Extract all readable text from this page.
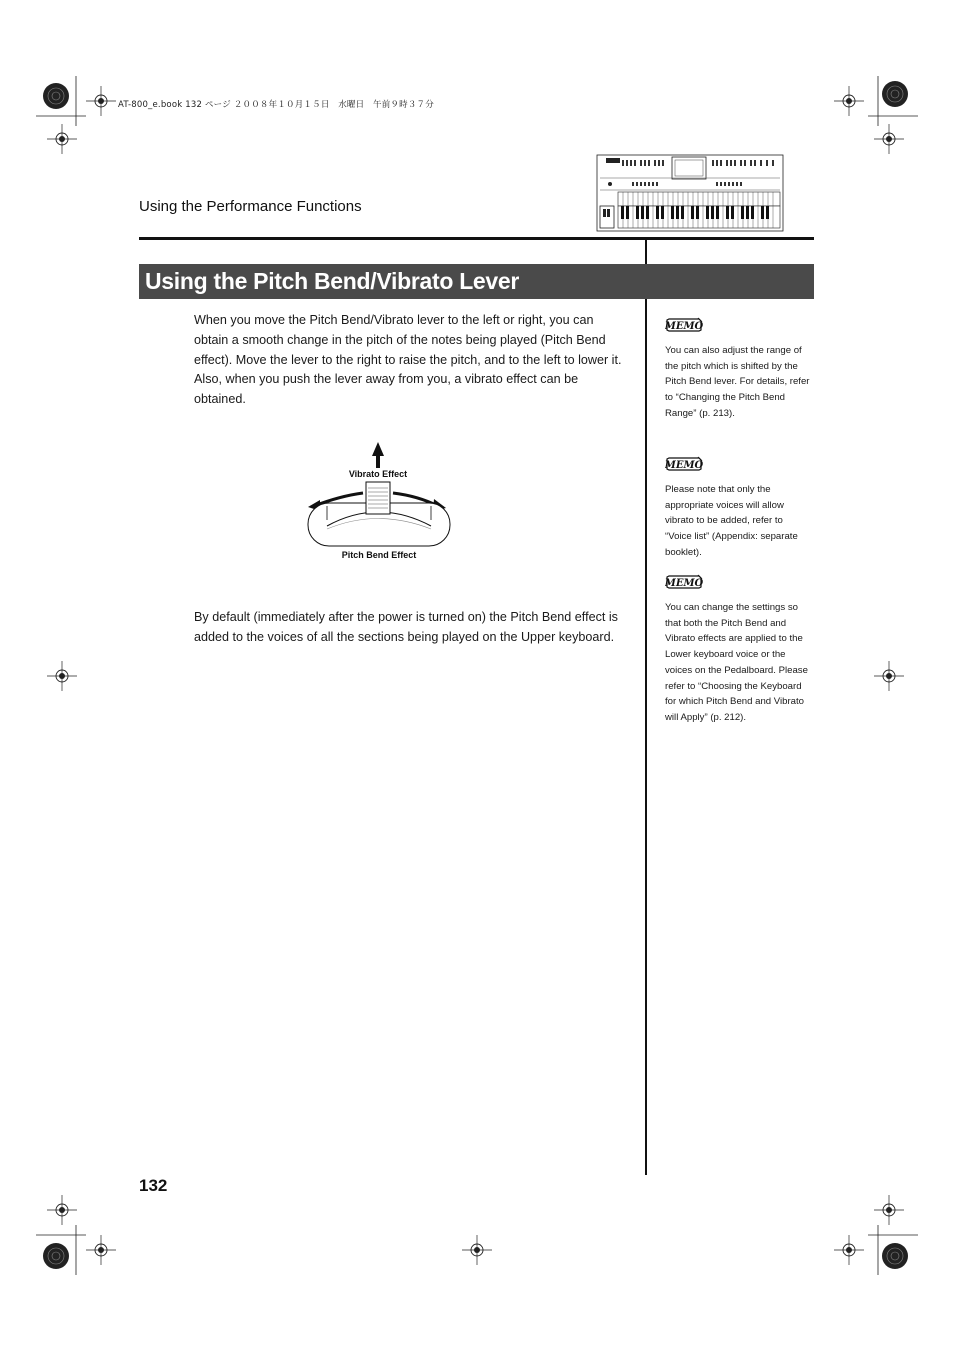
AT-800_e.book 132 ページ ２００８年１０月１５日　水曜日　午前９時３７分
Using the Performance Functions
Using the Pitch Bend/Vibrato Lever
When you move the Pitch Bend/Vibrato lever to the left or right, you can obtain a smooth change in the pitch of the notes being played (Pitch Bend effect). Move the lever to the right to raise the pitch, and to the left to lower it. Also, when you push the lever away from you, a vibrato effect can be obtained.
Vibrato Effect
Pitch Bend Effect
By default (immediately after the power is turned on) the Pitch Bend effect is added to the voices of all the sections being played on the Upper keyboard.
MEMO
You can also adjust the range of the pitch which is shifted by the Pitch Bend lever. For details, refer to “Changing the Pitch Bend Range” (p. 213).
MEMO
Please note that only the appropriate voices will allow vibrato to be added, refer to “Voice list” (Appendix: separate booklet).
MEMO
You can change the settings so that both the Pitch Bend and Vibrato effects are applied to the Lower keyboard voice or the voices on the Pedalboard. Please refer to “Choosing the Keyboard for which Pitch Bend and Vibrato will Apply” (p. 212).
132
